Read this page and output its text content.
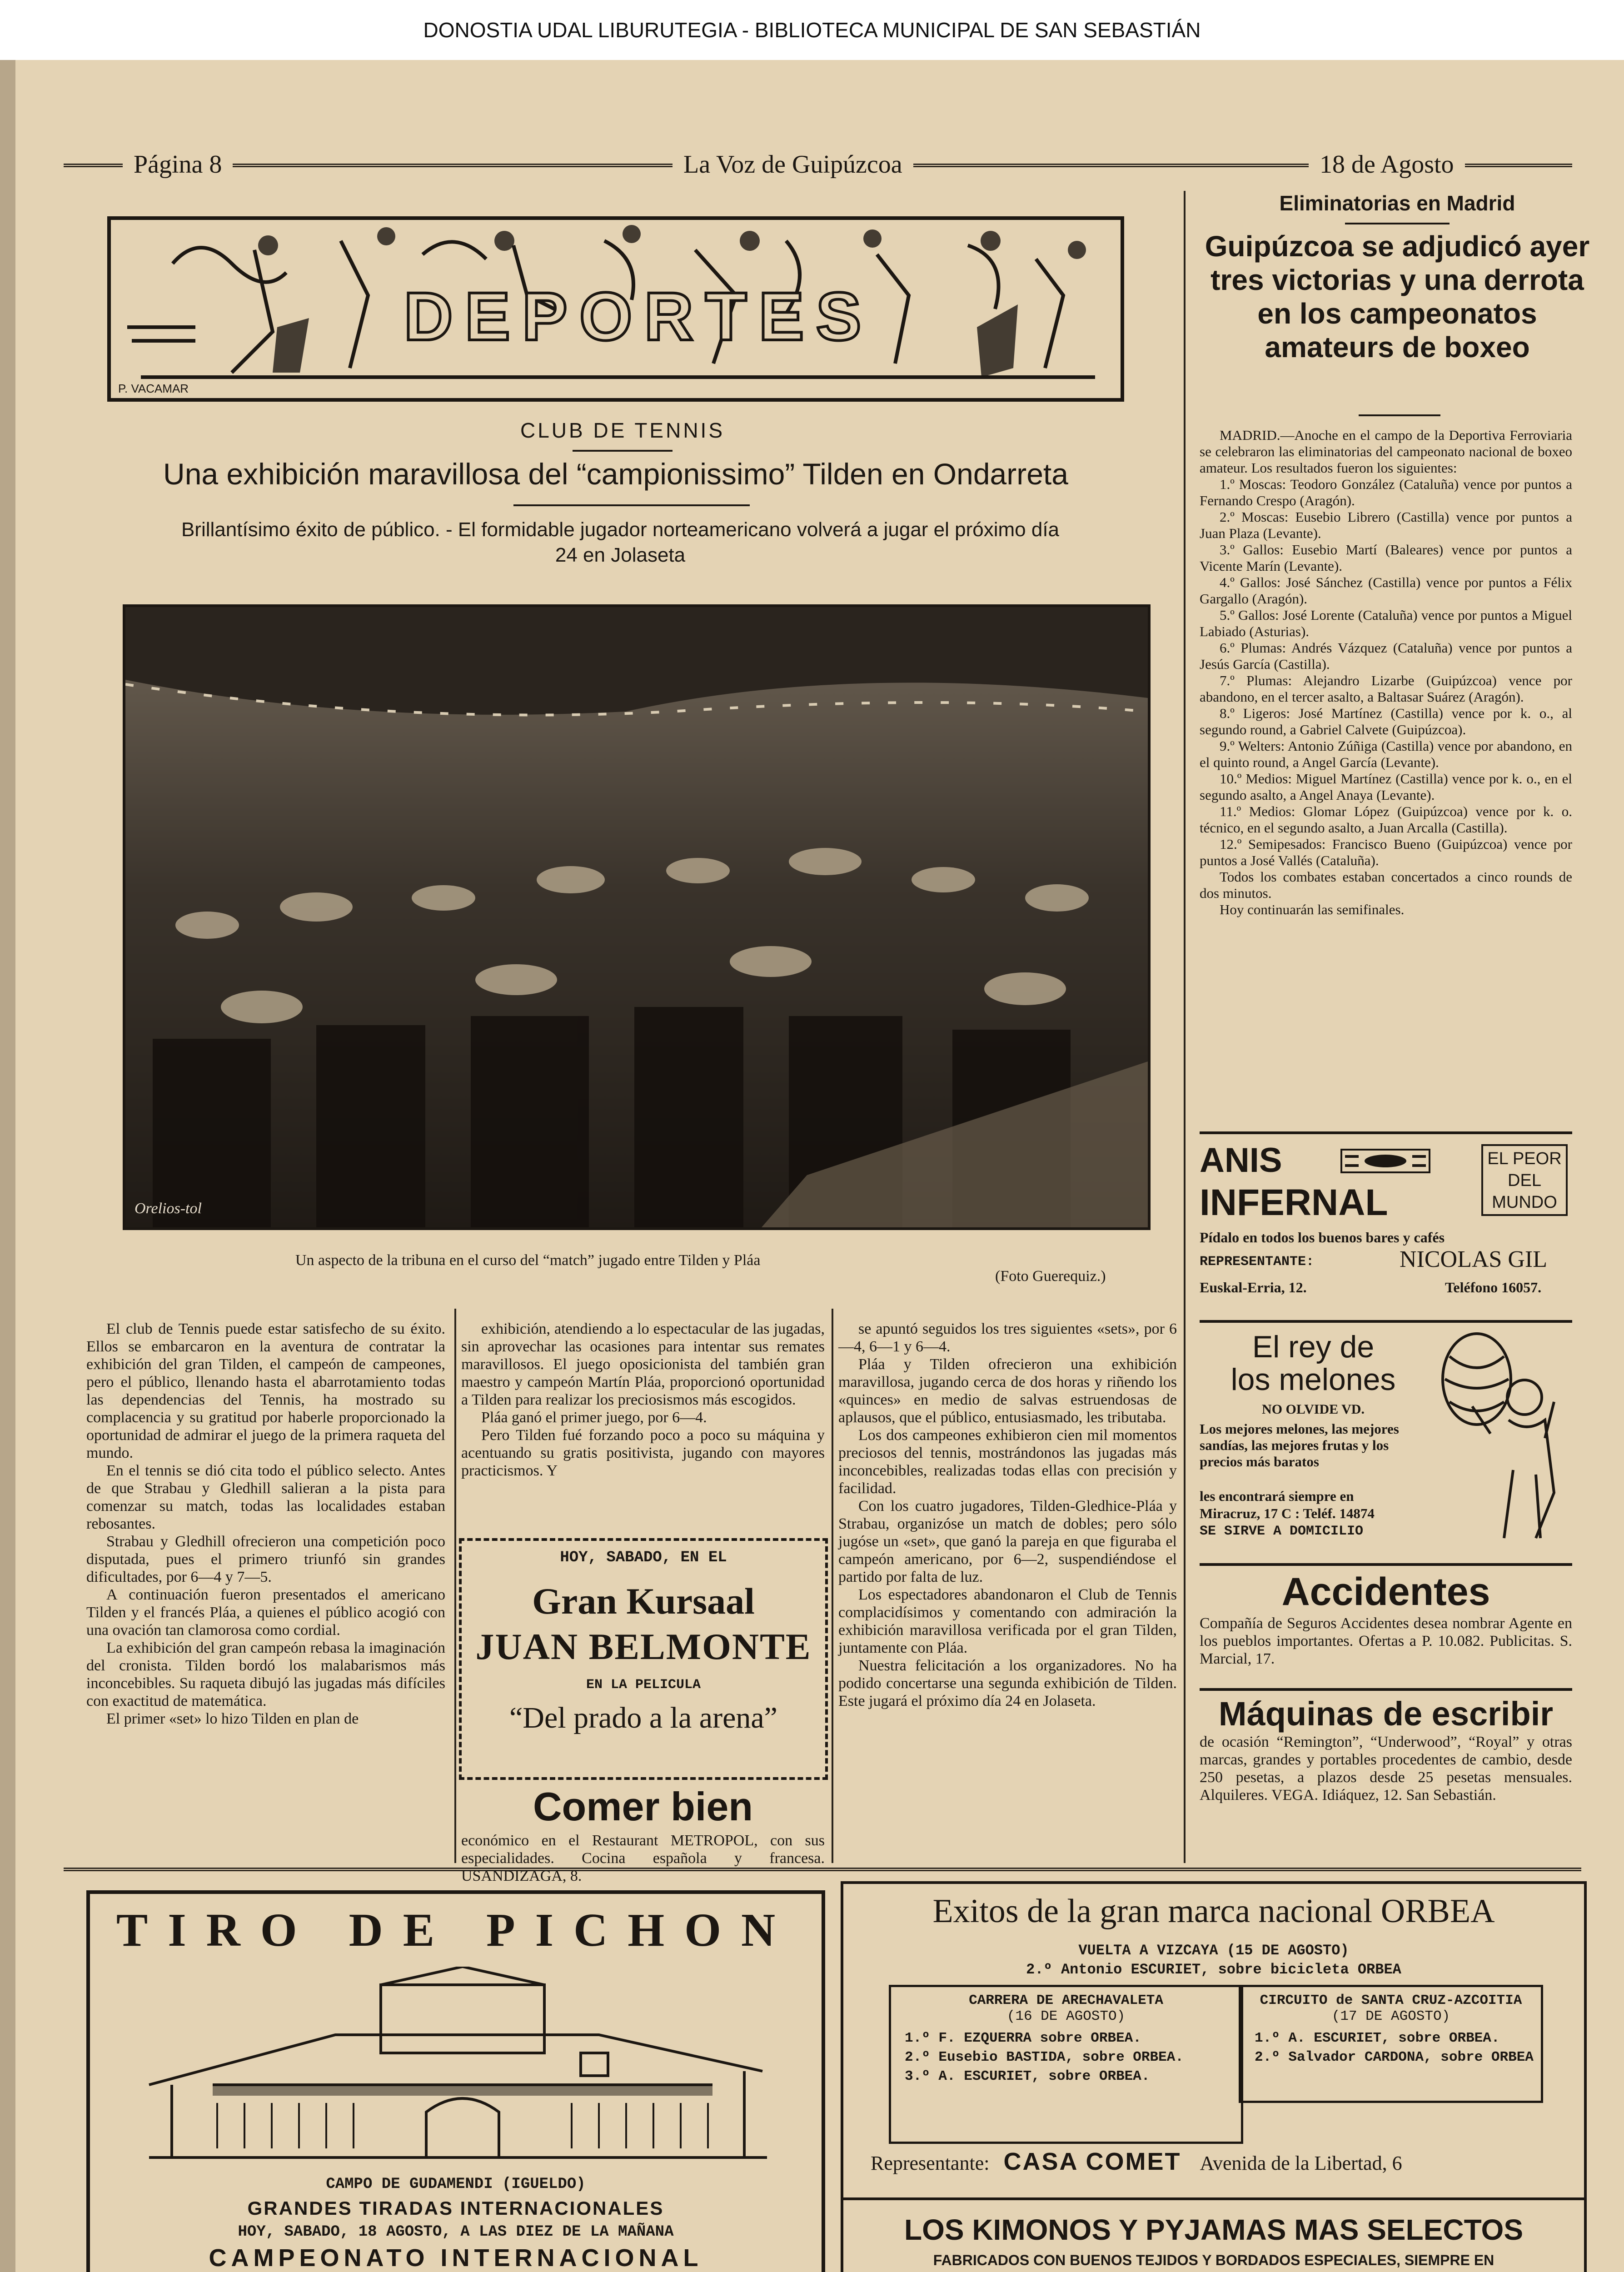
DONOSTIA UDAL LIBURUTEGIA - BIBLIOTECA MUNICIPAL DE SAN SEBASTIÁN
Página 8	La Voz de Guipúzcoa	18 de Agosto
DEPORTES
P. VACAMAR
CLUB DE TENNIS
Una exhibición maravillosa del “campionissimo” Tilden en Ondarreta
Brillantísimo éxito de público. - El formidable jugador norteamericano volverá a jugar el próximo día 24 en Jolaseta
Orelios-tol
Un aspecto de la tribuna en el curso del “match” jugado entre Tilden y Pláa
(Foto Guerequiz.)

El club de Tennis puede estar satisfecho de su éxito. Ellos se embarcaron en la aventura de contratar la exhibición del gran Tilden, el campeón de campeones, pero el público, llenando hasta el abarrotamiento todas las dependencias del Tennis, ha mostrado su complacencia y su gratitud por haberle proporcionado la oportunidad de admirar el juego de la primera raqueta del mundo.

En el tennis se dió cita todo el público selecto. Antes de que Strabau y Gledhill salieran a la pista para comenzar su match, todas las localidades estaban rebosantes.

Strabau y Gledhill ofrecieron una competición poco disputada, pues el primero triunfó sin grandes dificultades, por 6—4 y 7—5.

A continuación fueron presentados el americano Tilden y el francés Pláa, a quienes el público acogió con una ovación tan clamorosa como cordial.

La exhibición del gran campeón rebasa la imaginación del cronista. Tilden bordó los malabarismos más inconcebibles. Su raqueta dibujó las jugadas más difíciles con exactitud de matemática.

El primer «set» lo hizo Tilden en plan de

exhibición, atendiendo a lo espectacular de las jugadas, sin aprovechar las ocasiones para intentar sus remates maravillosos. El juego oposicionista del también gran maestro y campeón Martín Pláa, proporcionó oportunidad a Tilden para realizar los preciosismos más escogidos.

Pláa ganó el primer juego, por 6—4.

Pero Tilden fué forzando poco a poco su máquina y acentuando su gratis positivista, jugando con mayores practicismos. Y

se apuntó seguidos los tres siguientes «sets», por 6—4, 6—1 y 6—4.

Pláa y Tilden ofrecieron una exhibición maravillosa, jugando cerca de dos horas y riñendo los «quinces» en medio de salvas estruendosas de aplausos, que el público, entusiasmado, les tributaba.

Los dos campeones exhibieron cien mil momentos preciosos del tennis, mostrándonos las jugadas más inconcebibles, realizadas todas ellas con precisión y facilidad.

Con los cuatro jugadores, Tilden-Gledhice-Pláa y Strabau, organizóse un match de dobles; pero sólo jugóse un «set», que ganó la pareja en que figuraba el campeón americano, por 6—2, suspendiéndose el partido por falta de luz.

Los espectadores abandonaron el Club de Tennis complacidísimos y comentando con admiración la exhibición maravillosa verificada por el gran Tilden, juntamente con Pláa.

Nuestra felicitación a los organizadores. No ha podido concertarse una segunda exhibición de Tilden. Este jugará el próximo día 24 en Jolaseta.

HOY, SABADO, EN EL
Gran Kursaal
JUAN BELMONTE
EN LA PELICULA
“Del prado a la arena”
Comer bien
económico en el Restaurant METROPOL, con sus especialidades. Cocina española y francesa. USANDIZAGA, 8.
Eliminatorias en Madrid
Guipúzcoa se adjudicó ayer tres victorias y una derrota en los campeonatos amateurs de boxeo

MADRID.—Anoche en el campo de la Deportiva Ferroviaria se celebraron las eliminatorias del campeonato nacional de boxeo amateur. Los resultados fueron los siguientes:

1.º Moscas: Teodoro González (Cataluña) vence por puntos a Fernando Crespo (Aragón).

2.º Moscas: Eusebio Librero (Castilla) vence por puntos a Juan Plaza (Levante).

3.º Gallos: Eusebio Martí (Baleares) vence por puntos a Vicente Marín (Levante).

4.º Gallos: José Sánchez (Castilla) vence por puntos a Félix Gargallo (Aragón).

5.º Gallos: José Lorente (Cataluña) vence por puntos a Miguel Labiado (Asturias).

6.º Plumas: Andrés Vázquez (Cataluña) vence por puntos a Jesús García (Castilla).

7.º Plumas: Alejandro Lizarbe (Guipúzcoa) vence por abandono, en el tercer asalto, a Baltasar Suárez (Aragón).

8.º Ligeros: José Martínez (Castilla) vence por k. o., al segundo round, a Gabriel Calvete (Guipúzcoa).

9.º Welters: Antonio Zúñiga (Castilla) vence por abandono, en el quinto round, a Angel García (Levante).

10.º Medios: Miguel Martínez (Castilla) vence por k. o., en el segundo asalto, a Angel Anaya (Levante).

11.º Medios: Glomar López (Guipúzcoa) vence por k. o. técnico, en el segundo asalto, a Juan Arcalla (Castilla).

12.º Semipesados: Francisco Bueno (Guipúzcoa) vence por puntos a José Vallés (Cataluña).

Todos los combates estaban concertados a cinco rounds de dos minutos.

Hoy continuarán las semifinales.

ANIS
INFERNAL
EL PEOR DEL MUNDO
Pídalo en todos los buenos bares y cafés
REPRESENTANTE:	NICOLAS GIL
Euskal-Erria, 12.	Teléfono 16057.
El rey de
los melones
NO OLVIDE VD.
Los mejores melones, las mejores sandías, las mejores frutas y los precios más baratos
les encontrará siempre en
Miracruz, 17 C : Teléf. 14874
SE SIRVE A DOMICILIO
Accidentes
Compañía de Seguros Accidentes desea nombrar Agente en los pueblos importantes. Ofertas a P. 10.082. Publicitas. S. Marcial, 17.
Máquinas de escribir
de ocasión “Remington”, “Underwood”, “Royal” y otras marcas, grandes y portables procedentes de cambio, desde 250 pesetas, a plazos desde 25 pesetas mensuales. Alquileres. VEGA. Idiáquez, 12. San Sebastián.
TIRO DE PICHON
CAMPO DE GUDAMENDI (IGUELDO)
GRANDES TIRADAS INTERNACIONALES
HOY, SABADO, 18 AGOSTO, A LAS DIEZ DE LA MAÑANA
CAMPEONATO INTERNACIONAL
Exitos de la gran marca nacional ORBEA
VUELTA A VIZCAYA (15 DE AGOSTO)
2.º Antonio ESCURIET, sobre bicicleta ORBEA
CARRERA DE ARECHAVALETA
(16 DE AGOSTO)
1.º F. EZQUERRA sobre ORBEA.
2.º Eusebio BASTIDA, sobre ORBEA.
3.º A. ESCURIET, sobre ORBEA.
CIRCUITO de SANTA CRUZ-AZCOITIA
(17 DE AGOSTO)
1.º A. ESCURIET, sobre ORBEA.
2.º Salvador CARDONA, sobre ORBEA
Representante: CASA COMET Avenida de la Libertad, 6
LOS KIMONOS Y PYJAMAS MAS SELECTOS
FABRICADOS CON BUENOS TEJIDOS Y BORDADOS ESPECIALES, SIEMPRE EN
